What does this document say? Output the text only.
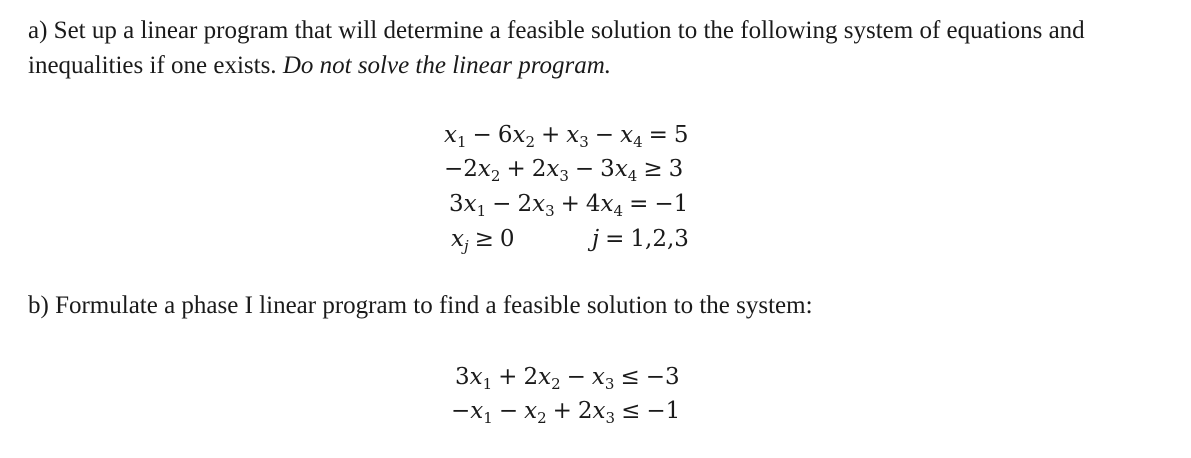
a) Set up a linear program that will determine a feasible solution to the following system of equations and
inequalities if one exists. Do not solve the linear program.
$x_1 - 6x_2 + x_3 - x_4 = 5$
$-2x_2 + 2x_3 - 3x_4 \ge 3$
$3x_1 - 2x_3 + 4x_4 = -1$
$x_j \ge 0$	j = 1,2,3
b) Formulate a phase I linear program to find a feasible solution to the system:
$3x_1 + 2x_2 - x_3 \le -3$
$-x_1 - x_2 + 2x_3 \le -1$
